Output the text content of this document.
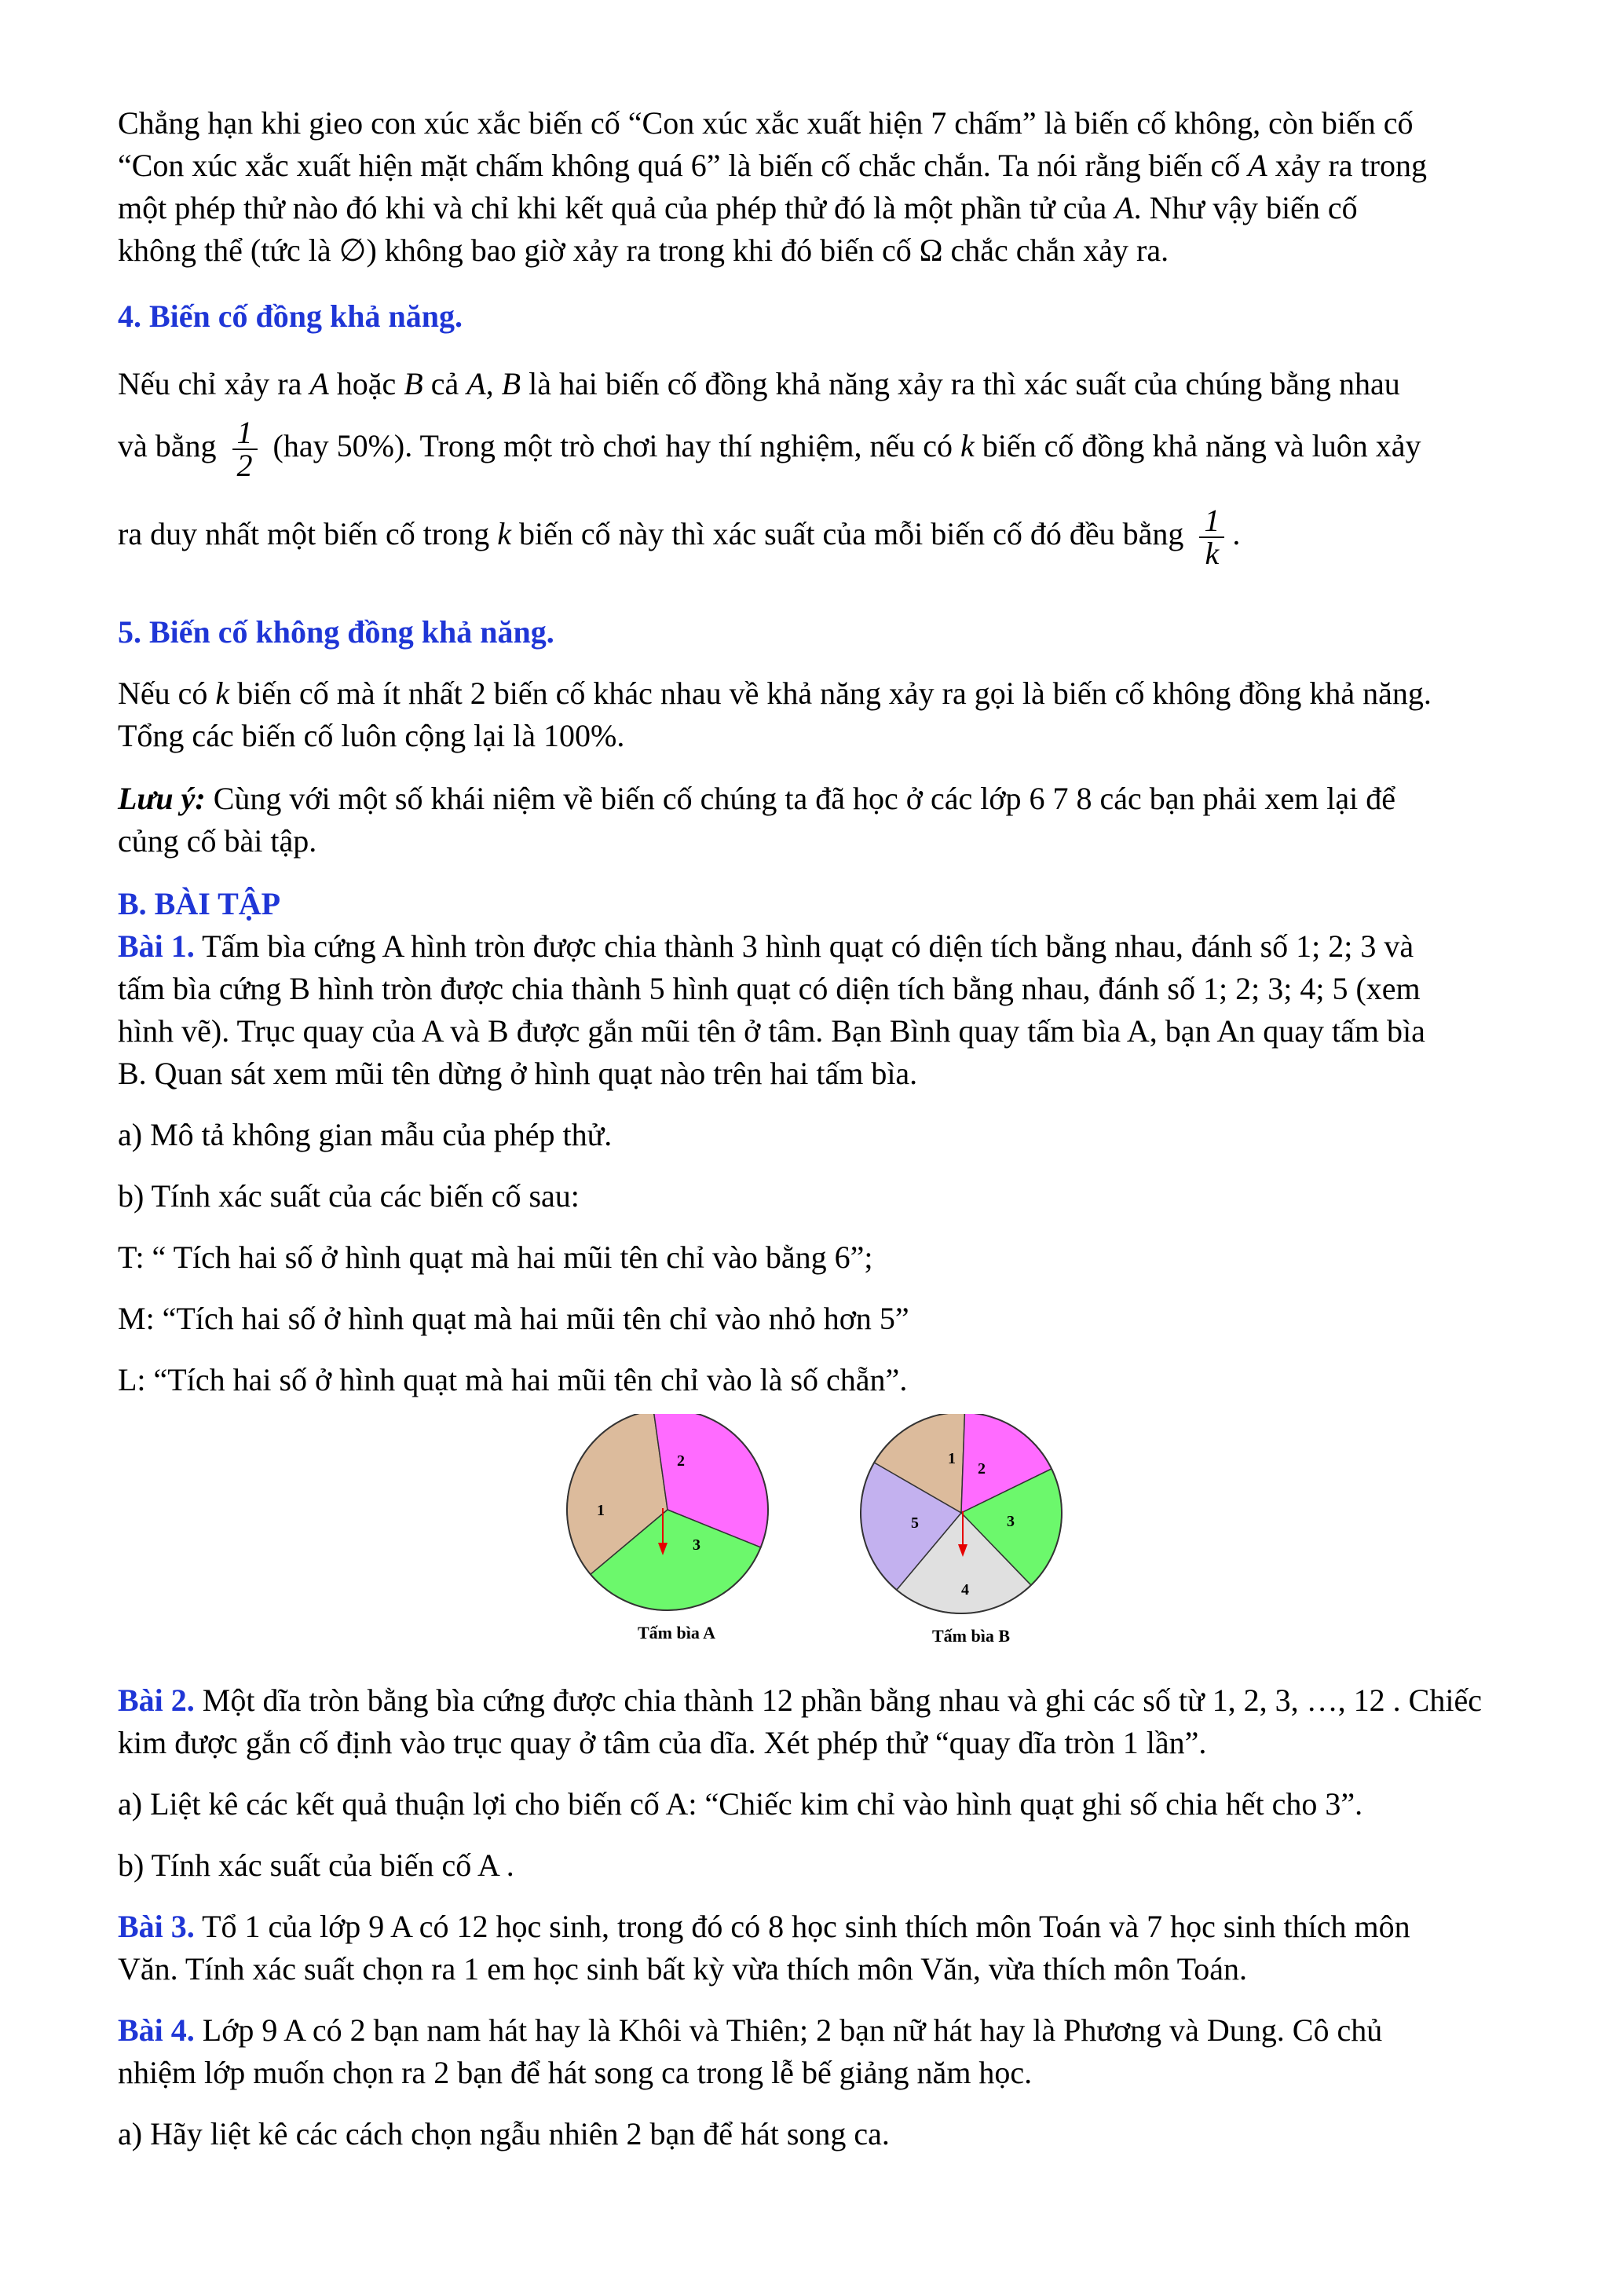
Chẳng hạn khi gieo con xúc xắc biến cố “Con xúc xắc xuất hiện 7 chấm” là biến cố không, còn biến cố

“Con xúc xắc xuất hiện mặt chấm không quá 6” là biến cố chắc chắn. Ta nói rằng biến cố A xảy ra trong

một phép thử nào đó khi và chỉ khi kết quả của phép thử đó là một phần tử của A. Như vậy biến cố

không thể (tức là ∅) không bao giờ xảy ra trong khi đó biến cố Ω chắc chắn xảy ra.

4. Biến cố đồng khả năng.

Nếu chỉ xảy ra A hoặc B cả A, B là hai biến cố đồng khả năng xảy ra thì xác suất của chúng bằng nhau

và bằng $\frac{1}{2} (hay$ 50%). Trong một trò chơi hay thí nghiệm, nếu có k biến cố đồng khả năng và luôn xảy

ra duy nhất một biến cố trong k biến cố này thì xác suất của mỗi biến cố đó đều bằng $\frac{1}{k}$ .

5. Biến cố không đồng khả năng.

Nếu có k biến cố mà ít nhất 2 biến cố khác nhau về khả năng xảy ra gọi là biến cố không đồng khả năng.

Tổng các biến cố luôn cộng lại là 100%.

Lưu ý: Cùng với một số khái niệm về biến cố chúng ta đã học ở các lớp 6 7 8 các bạn phải xem lại để

củng cố bài tập.

B. BÀI TẬP

Bài 1. Tấm bìa cứng A hình tròn được chia thành 3 hình quạt có diện tích bằng nhau, đánh số 1; 2; 3 và

tấm bìa cứng B hình tròn được chia thành 5 hình quạt có diện tích bằng nhau, đánh số 1; 2; 3; 4; 5 (xem

hình vẽ). Trục quay của A và B được gắn mũi tên ở tâm. Bạn Bình quay tấm bìa A, bạn An quay tấm bìa

B. Quan sát xem mũi tên dừng ở hình quạt nào trên hai tấm bìa.

a) Mô tả không gian mẫu của phép thử.

b) Tính xác suất của các biến cố sau:

T: “ Tích hai số ở hình quạt mà hai mũi tên chỉ vào bằng 6”;

M: “Tích hai số ở hình quạt mà hai mũi tên chỉ vào nhỏ hơn 5”

L: “Tích hai số ở hình quạt mà hai mũi tên chỉ vào là số chẵn”.

1
2
3
Tấm bìa A
1
2
3
4
5
Tấm bìa B

Bài 2. Một dĩa tròn bằng bìa cứng được chia thành 12 phần bằng nhau và ghi các số từ 1, 2, 3, …, 12 . Chiếc

kim được gắn cố định vào trục quay ở tâm của dĩa. Xét phép thử “quay dĩa tròn 1 lần”.

a) Liệt kê các kết quả thuận lợi cho biến cố A: “Chiếc kim chỉ vào hình quạt ghi số chia hết cho 3”.

b) Tính xác suất của biến cố A .

Bài 3. Tổ 1 của lớp 9 A có 12 học sinh, trong đó có 8 học sinh thích môn Toán và 7 học sinh thích môn

Văn. Tính xác suất chọn ra 1 em học sinh bất kỳ vừa thích môn Văn, vừa thích môn Toán.

Bài 4. Lớp 9 A có 2 bạn nam hát hay là Khôi và Thiên; 2 bạn nữ hát hay là Phương và Dung. Cô chủ

nhiệm lớp muốn chọn ra 2 bạn để hát song ca trong lễ bế giảng năm học.

a) Hãy liệt kê các cách chọn ngẫu nhiên 2 bạn để hát song ca.
